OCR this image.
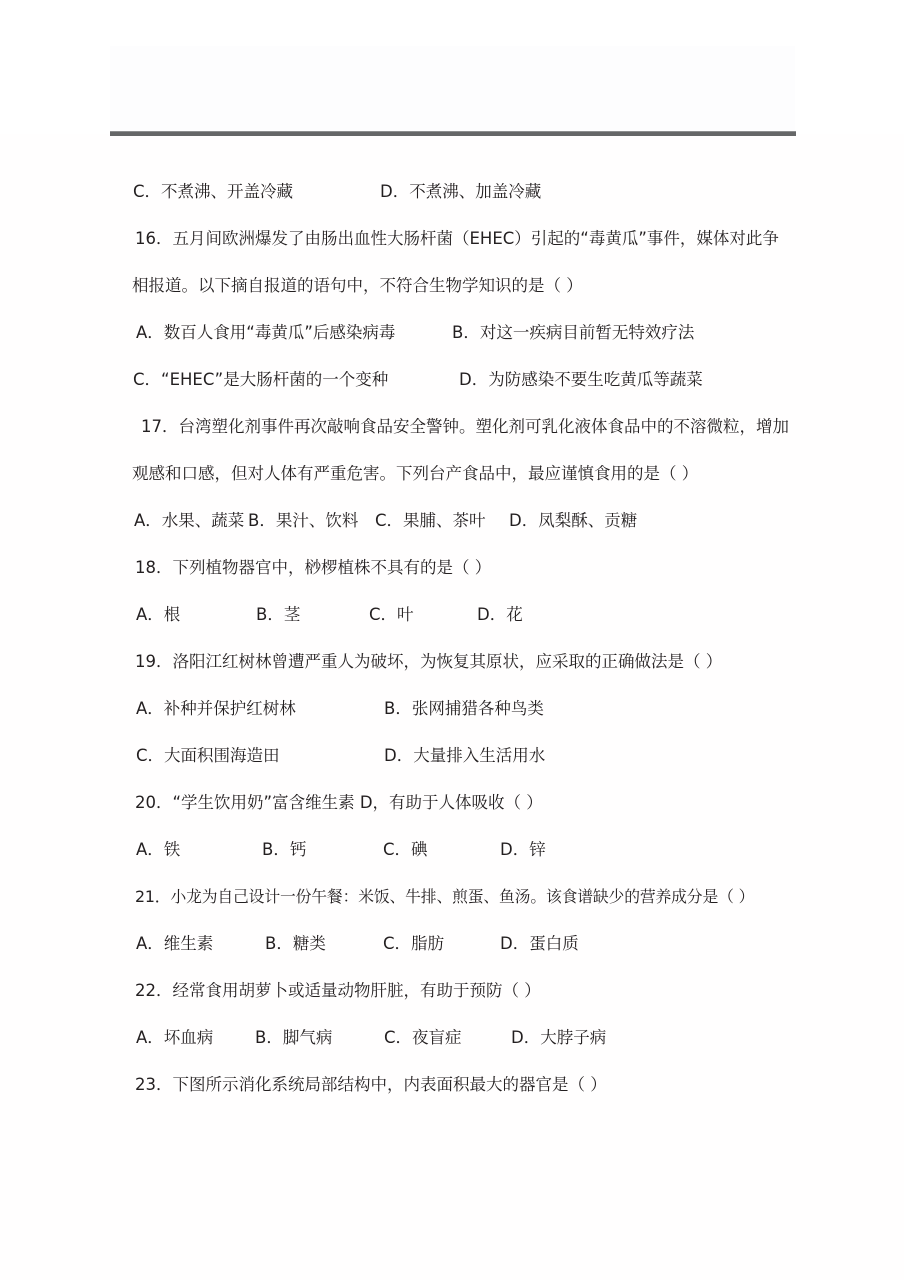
C．不煮沸、开盖冷藏	D．不煮沸、加盖冷藏
16．五月间欧洲爆发了由肠出血性大肠杆菌（EHEC）引起的“毒黄瓜”事件，媒体对此争
相报道。以下摘自报道的语句中，不符合生物学知识的是（ ）
A．数百人食用“毒黄瓜”后感染病毒	B．对这一疾病目前暂无特效疗法
C．“EHEC”是大肠杆菌的一个变种	D．为防感染不要生吃黄瓜等蔬菜
17．台湾塑化剂事件再次敲响食品安全警钟。塑化剂可乳化液体食品中的不溶微粒，增加
观感和口感，但对人体有严重危害。下列台产食品中，最应谨慎食用的是（ ）
A．水果、蔬菜 B．果汁、饮料 C．果脯、茶叶 D．凤梨酥、贡糖
18．下列植物器官中，桫椤植株不具有的是（ ）
A．根	B．茎	C．叶	D．花
19．洛阳江红树林曾遭严重人为破坏，为恢复其原状，应采取的正确做法是（ ）
A．补种并保护红树林	B．张网捕猎各种鸟类
C．大面积围海造田	D．大量排入生活用水
20．“学生饮用奶”富含维生素 D，有助于人体吸收（ ）
A．铁	B．钙	C．碘	D．锌
21．小龙为自己设计一份午餐：米饭、牛排、煎蛋、鱼汤。该食谱缺少的营养成分是（ ）
A．维生素	B．糖类	C．脂肪	D．蛋白质
22．经常食用胡萝卜或适量动物肝脏，有助于预防（ ）
A．坏血病	B．脚气病	C．夜盲症	D．大脖子病
23．下图所示消化系统局部结构中，内表面积最大的器官是（ ）
